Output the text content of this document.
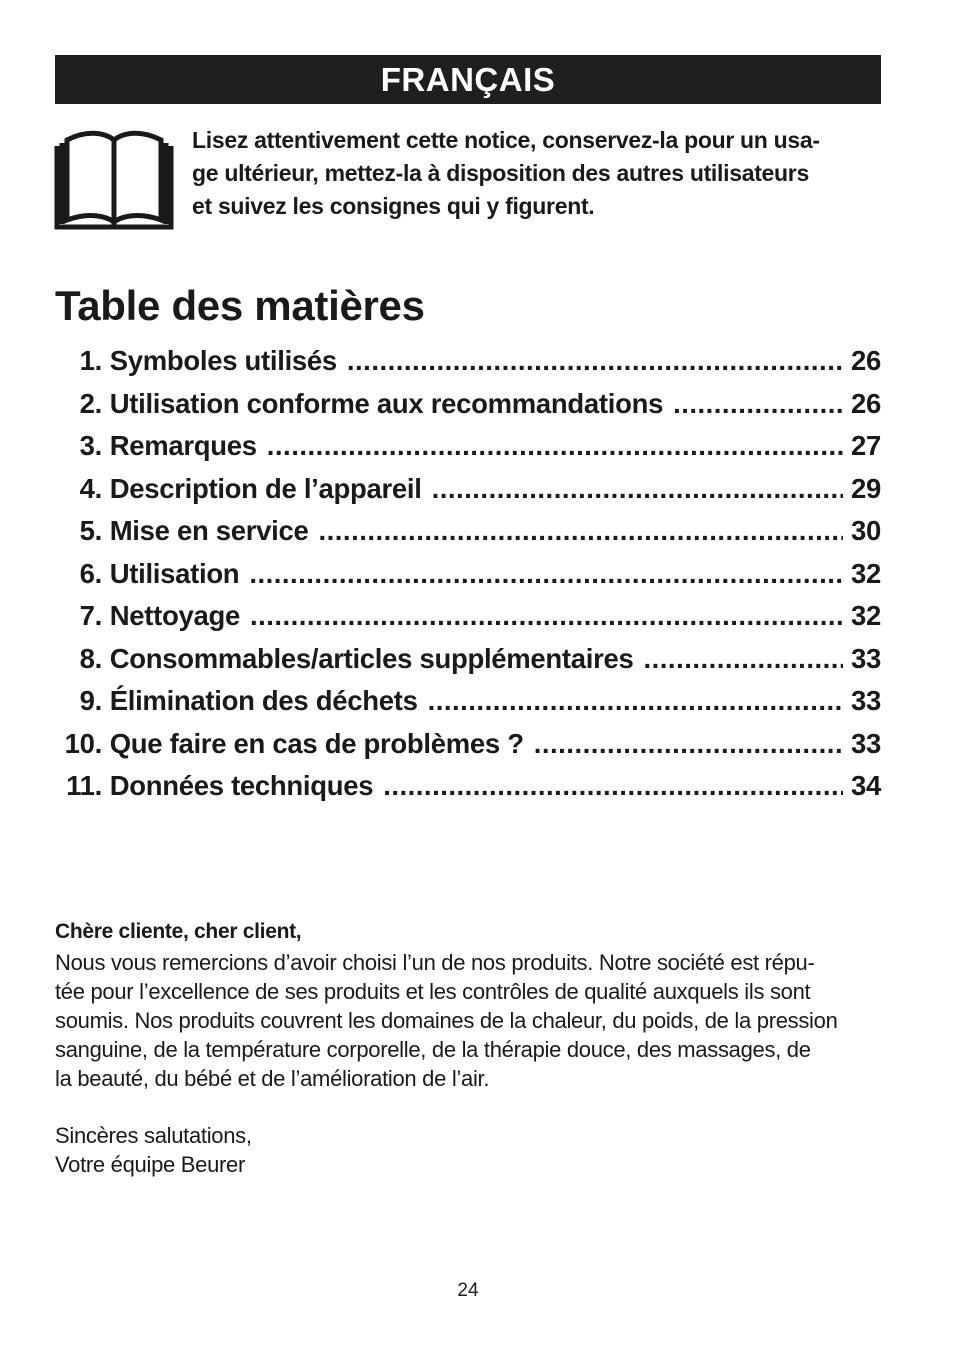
FRANÇAIS
Lisez attentivement cette notice, conservez-la pour un usa-
ge ultérieur, mettez-la à disposition des autres utilisateurs
et suivez les consignes qui y figurent.
Table des matières
1. Symboles utilisés .....	26
2. Utilisation conforme aux recommandations .....	26
3. Remarques .....	27
4. Description de l’appareil .....	29
5. Mise en service .....	30
6. Utilisation .....	32
7. Nettoyage .....	32
8. Consommables/articles supplémentaires .....	33
9. Élimination des déchets .....	33
10. Que faire en cas de problèmes ? .....	33
11. Données techniques .....	34

Chère cliente, cher client,

Nous vous remercions d’avoir choisi l’un de nos produits. Notre société est répu-
tée pour l’excellence de ses produits et les contrôles de qualité auxquels ils sont
soumis. Nos produits couvrent les domaines de la chaleur, du poids, de la pression
sanguine, de la température corporelle, de la thérapie douce, des massages, de
la beauté, du bébé et de l’amélioration de l’air.
Sincères salutations,
Votre équipe Beurer
24
